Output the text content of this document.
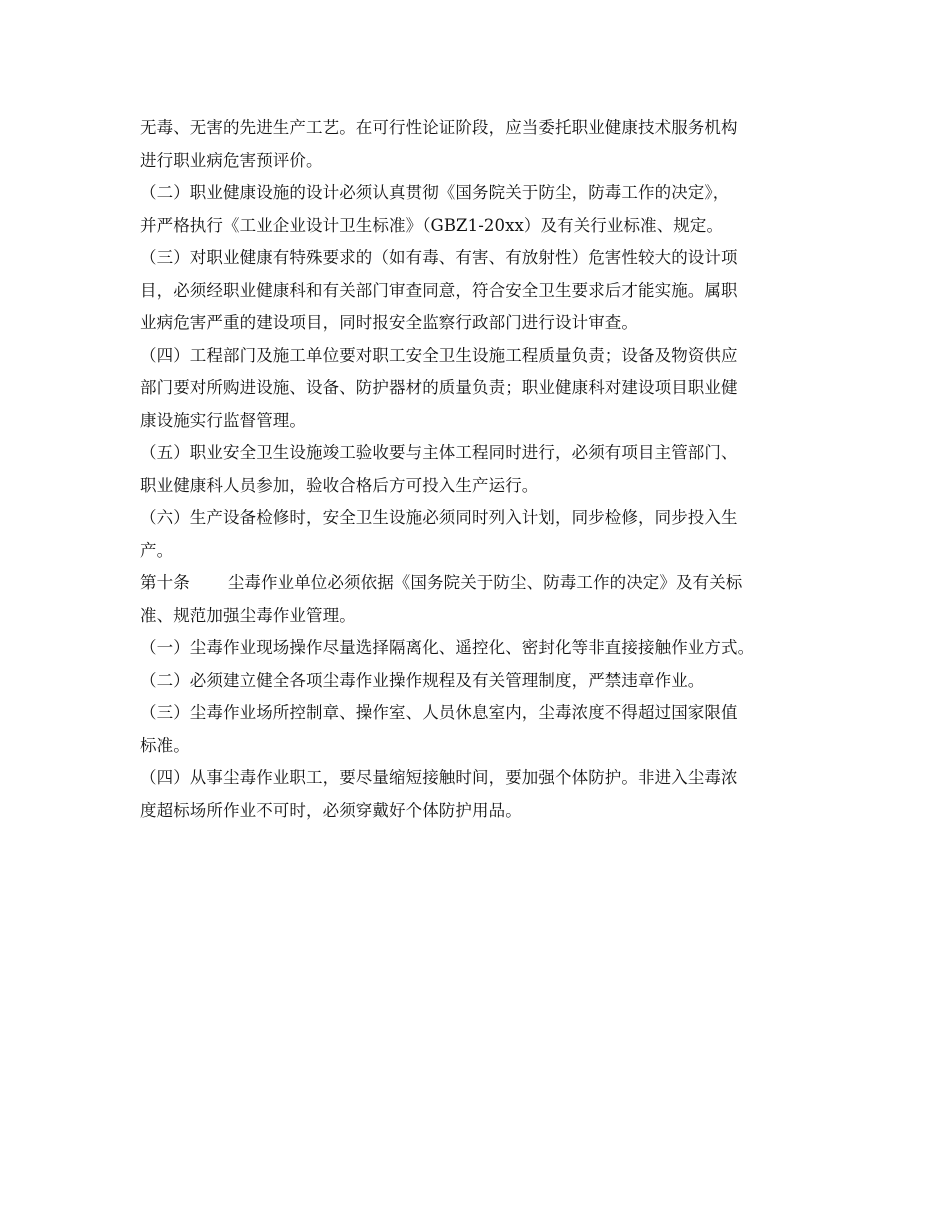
无毒、无害的先进生产工艺。在可行性论证阶段，应当委托职业健康技术服务机构
进行职业病危害预评价。
（二）职业健康设施的设计必须认真贯彻《国务院关于防尘，防毒工作的决定》，
并严格执行《工业企业设计卫生标准》（GBZ1-20xx）及有关行业标准、规定。
（三）对职业健康有特殊要求的（如有毒、有害、有放射性）危害性较大的设计项
目，必须经职业健康科和有关部门审查同意，符合安全卫生要求后才能实施。属职
业病危害严重的建设项目，同时报安全监察行政部门进行设计审查。
（四）工程部门及施工单位要对职工安全卫生设施工程质量负责；设备及物资供应
部门要对所购进设施、设备、防护器材的质量负责；职业健康科对建设项目职业健
康设施实行监督管理。
（五）职业安全卫生设施竣工验收要与主体工程同时进行，必须有项目主管部门、
职业健康科人员参加，验收合格后方可投入生产运行。
（六）生产设备检修时，安全卫生设施必须同时列入计划，同步检修，同步投入生
产。
第十条 尘毒作业单位必须依据《国务院关于防尘、防毒工作的决定》及有关标
准、规范加强尘毒作业管理。
（一）尘毒作业现场操作尽量选择隔离化、遥控化、密封化等非直接接触作业方式。
（二）必须建立健全各项尘毒作业操作规程及有关管理制度，严禁违章作业。
（三）尘毒作业场所控制章、操作室、人员休息室内，尘毒浓度不得超过国家限值
标准。
（四）从事尘毒作业职工，要尽量缩短接触时间，要加强个体防护。非进入尘毒浓
度超标场所作业不可时，必须穿戴好个体防护用品。
